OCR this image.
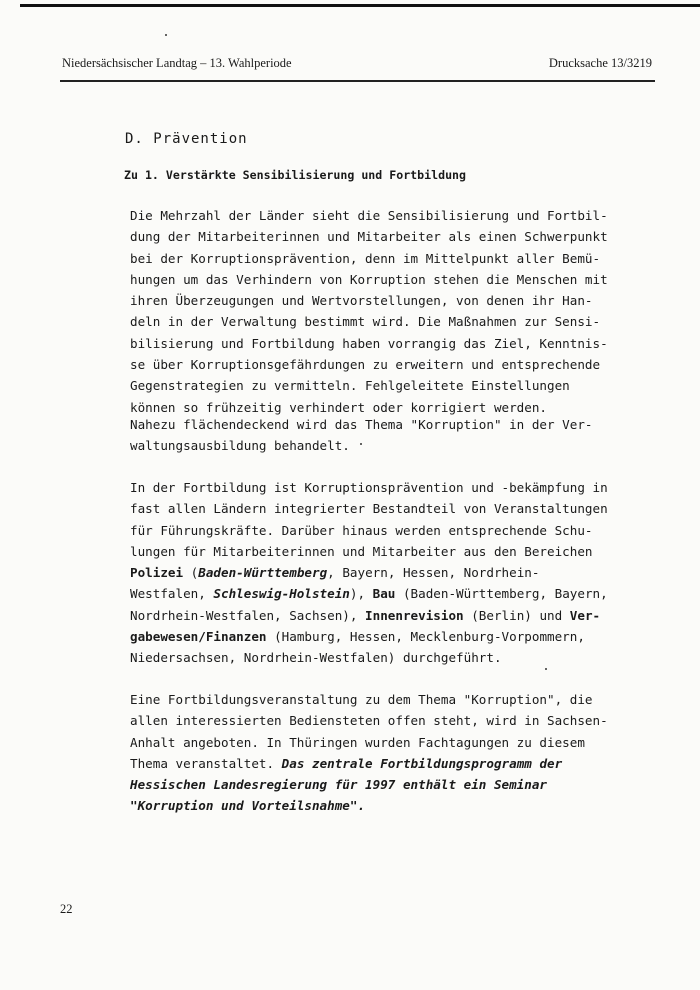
Niedersächsischer Landtag – 13. Wahlperiode	Drucksache 13/3219
D. Prävention
Zu 1. Verstärkte Sensibilisierung und Fortbildung
Die Mehrzahl der Länder sieht die Sensibilisierung und Fortbil-
dung der Mitarbeiterinnen und Mitarbeiter als einen Schwerpunkt
bei der Korruptionsprävention, denn im Mittelpunkt aller Bemü-
hungen um das Verhindern von Korruption stehen die Menschen mit
ihren Überzeugungen und Wertvorstellungen, von denen ihr Han-
deln in der Verwaltung bestimmt wird. Die Maßnahmen zur Sensi-
bilisierung und Fortbildung haben vorrangig das Ziel, Kenntnis-
se über Korruptionsgefährdungen zu erweitern und entsprechende
Gegenstrategien zu vermitteln. Fehlgeleitete Einstellungen
können so frühzeitig verhindert oder korrigiert werden.
Nahezu flächendeckend wird das Thema "Korruption" in der Ver-
waltungsausbildung behandelt.
In der Fortbildung ist Korruptionsprävention und -bekämpfung in
fast allen Ländern integrierter Bestandteil von Veranstaltungen
für Führungskräfte. Darüber hinaus werden entsprechende Schu-
lungen für Mitarbeiterinnen und Mitarbeiter aus den Bereichen
Polizei (Baden-Württemberg, Bayern, Hessen, Nordrhein-
Westfalen, Schleswig-Holstein), Bau (Baden-Württemberg, Bayern,
Nordrhein-Westfalen, Sachsen), Innenrevision (Berlin) und Ver-
gabewesen/Finanzen (Hamburg, Hessen, Mecklenburg-Vorpommern,
Niedersachsen, Nordrhein-Westfalen) durchgeführt.
Eine Fortbildungsveranstaltung zu dem Thema "Korruption", die
allen interessierten Bediensteten offen steht, wird in Sachsen-
Anhalt angeboten. In Thüringen wurden Fachtagungen zu diesem
Thema veranstaltet. Das zentrale Fortbildungsprogramm der
Hessischen Landesregierung für 1997 enthält ein Seminar
"Korruption und Vorteilsnahme".
22
